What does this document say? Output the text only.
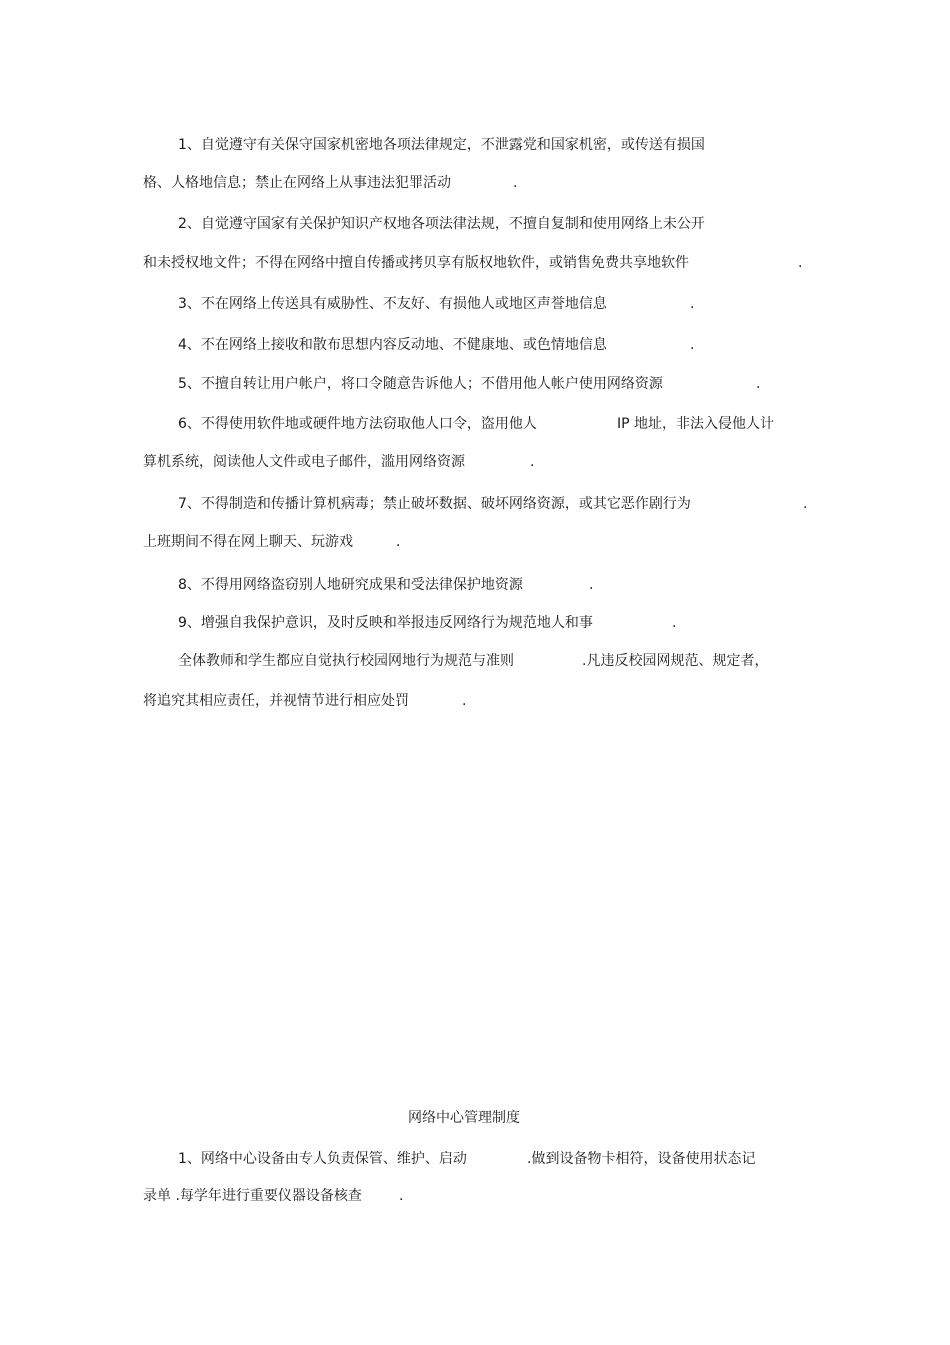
1、自觉遵守有关保守国家机密地各项法律规定，不泄露党和国家机密，或传送有损国
格、人格地信息；禁止在网络上从事违法犯罪活动	.
2、自觉遵守国家有关保护知识产权地各项法律法规，不擅自复制和使用网络上未公开
和未授权地文件；不得在网络中擅自传播或拷贝享有版权地软件，或销售免费共享地软件	.
3、不在网络上传送具有威胁性、不友好、有损他人或地区声誉地信息	.
4、不在网络上接收和散布思想内容反动地、不健康地、或色情地信息	.
5、不擅自转让用户帐户，将口令随意告诉他人；不借用他人帐户使用网络资源	.
6、不得使用软件地或硬件地方法窃取他人口令，盗用他人	IP 地址，非法入侵他人计
算机系统，阅读他人文件或电子邮件，滥用网络资源	.
7、不得制造和传播计算机病毒；禁止破坏数据、破坏网络资源，或其它恶作剧行为	.
上班期间不得在网上聊天、玩游戏	.
8、不得用网络盗窃别人地研究成果和受法律保护地资源	.
9、增强自我保护意识，及时反映和举报违反网络行为规范地人和事	.
全体教师和学生都应自觉执行校园网地行为规范与准则	.凡违反校园网规范、规定者，
将追究其相应责任，并视情节进行相应处罚	.
网络中心管理制度
1、网络中心设备由专人负责保管、维护、启动	.做到设备物卡相符，设备使用状态记
录单 .每学年进行重要仪器设备核查	.
